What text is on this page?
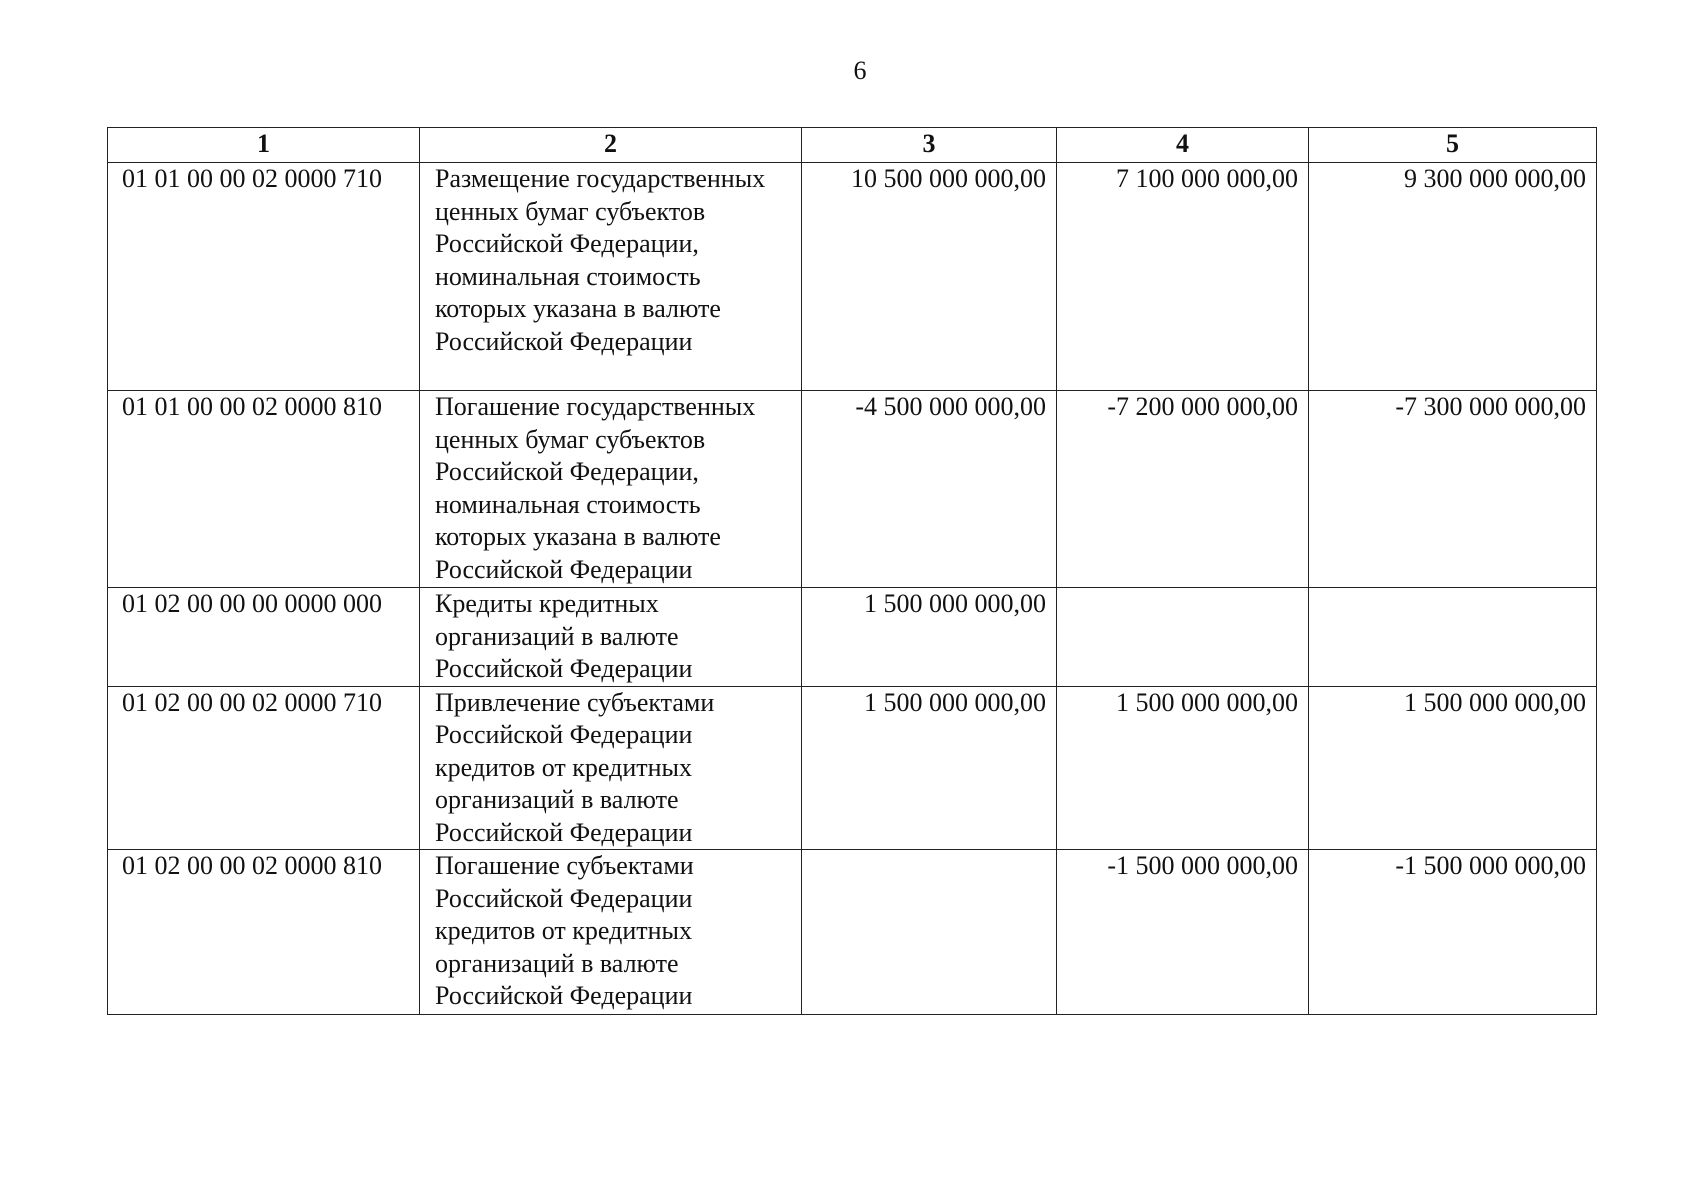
6
1	2	3	4	5
01 01 00 00 02 0000 710	Размещение государственных ценных бумаг субъектов Российской Федерации, номинальная стоимость которых указана в валюте Российской Федерации	10 500 000 000,00	7 100 000 000,00	9 300 000 000,00
01 01 00 00 02 0000 810	Погашение государственных ценных бумаг субъектов Российской Федерации, номинальная стоимость которых указана в валюте Российской Федерации	-4 500 000 000,00	-7 200 000 000,00	-7 300 000 000,00
01 02 00 00 00 0000 000	Кредиты кредитных организаций в валюте Российской Федерации	1 500 000 000,00		
01 02 00 00 02 0000 710	Привлечение субъектами Российской Федерации кредитов от кредитных организаций в валюте Российской Федерации	1 500 000 000,00	1 500 000 000,00	1 500 000 000,00
01 02 00 00 02 0000 810	Погашение субъектами Российской Федерации кредитов от кредитных организаций в валюте Российской Федерации		-1 500 000 000,00	-1 500 000 000,00
